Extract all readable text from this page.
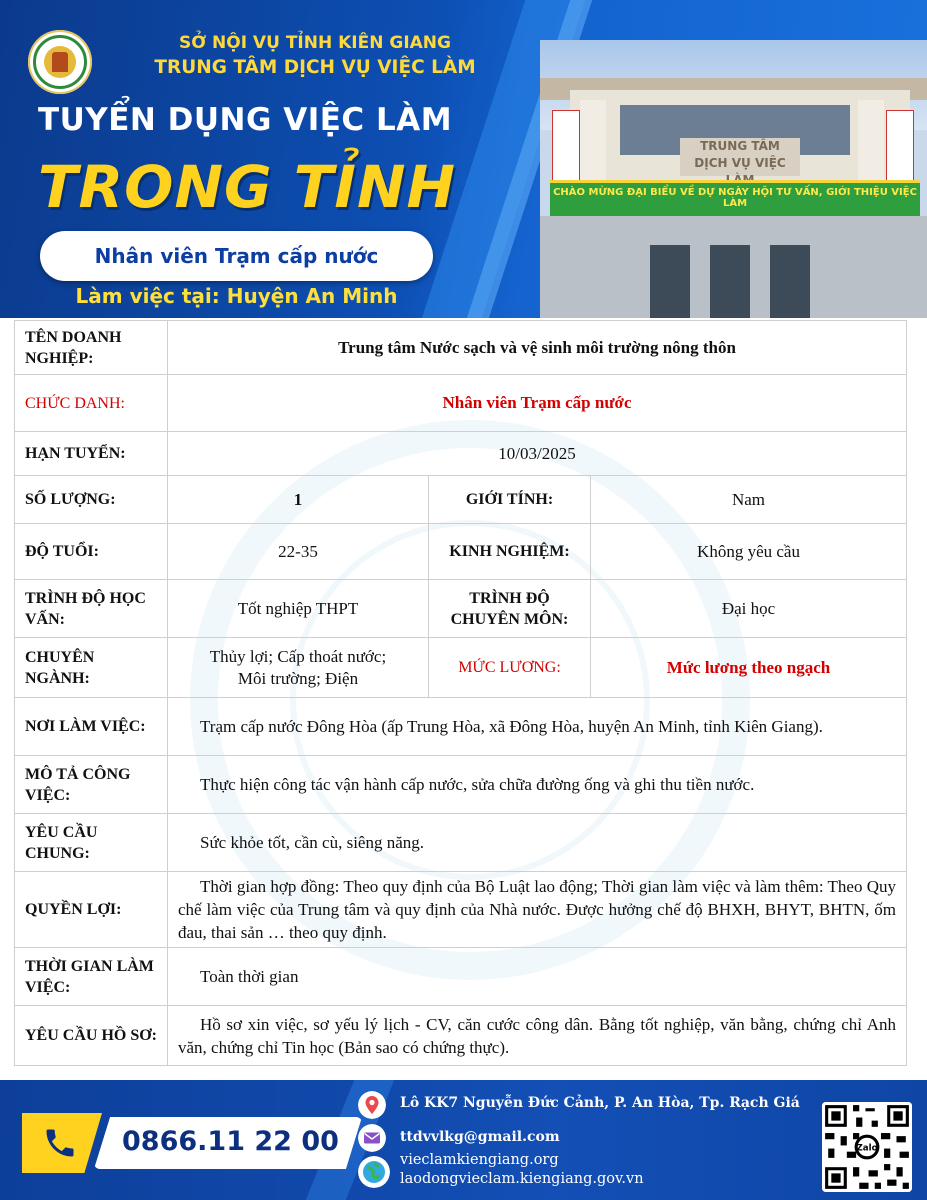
SỞ NỘI VỤ TỈNH KIÊN GIANG
TRUNG TÂM DỊCH VỤ VIỆC LÀM
TUYỂN DỤNG VIỆC LÀM
TRONG TỈNH
Nhân viên Trạm cấp nước
Làm việc tại: Huyện An Minh
TRUNG TÂM
DỊCH VỤ VIỆC
CHÀO MỪNG ĐẠI BIỂU VỀ DỰ NGÀY HỘI TƯ VẤN, GIỚI THIỆU VIỆC LÀM
TÊN DOANH NGHIỆP:	Trung tâm Nước sạch và vệ sinh môi trường nông thôn		
CHỨC DANH:	Nhân viên Trạm cấp nước		
HẠN TUYỂN:	10/03/2025		
SỐ LƯỢNG:	1	GIỚI TÍNH:	Nam
ĐỘ TUỔI:	22-35	KINH NGHIỆM:	Không yêu cầu
TRÌNH ĐỘ HỌC VẤN:	Tốt nghiệp THPT	TRÌNH ĐỘ CHUYÊN MÔN:	Đại học
CHUYÊN NGÀNH:	Thủy lợi; Cấp thoát nước; Môi trường; Điện	MỨC LƯƠNG:	Mức lương theo ngạch
NƠI LÀM VIỆC:	Trạm cấp nước Đông Hòa (ấp Trung Hòa, xã Đông Hòa, huyện An Minh, tỉnh Kiên Giang).		
MÔ TẢ CÔNG VIỆC:	Thực hiện công tác vận hành cấp nước, sửa chữa đường ống và ghi thu tiền nước.		
YÊU CẦU CHUNG:	Sức khỏe tốt, cần cù, siêng năng.		
QUYỀN LỢI:	Thời gian hợp đồng: Theo quy định của Bộ Luật lao động; Thời gian làm việc và làm thêm: Theo Quy chế làm việc của Trung tâm và quy định của Nhà nước. Được hưởng chế độ BHXH, BHYT, BHTN, ốm đau, thai sản … theo quy định.		
THỜI GIAN LÀM VIỆC:	Toàn thời gian		
YÊU CẦU HỒ SƠ:	Hồ sơ xin việc, sơ yếu lý lịch - CV, căn cước công dân. Bằng tốt nghiệp, văn bằng, chứng chỉ Anh văn, chứng chỉ Tin học (Bản sao có chứng thực).		
0866.11 22 00
Lô KK7 Nguyễn Đức Cảnh, P. An Hòa, Tp. Rạch Giá
ttdvvlkg@gmail.com
vieclamkiengiang.org
laodongvieclam.kiengiang.gov.vn
Zalo
